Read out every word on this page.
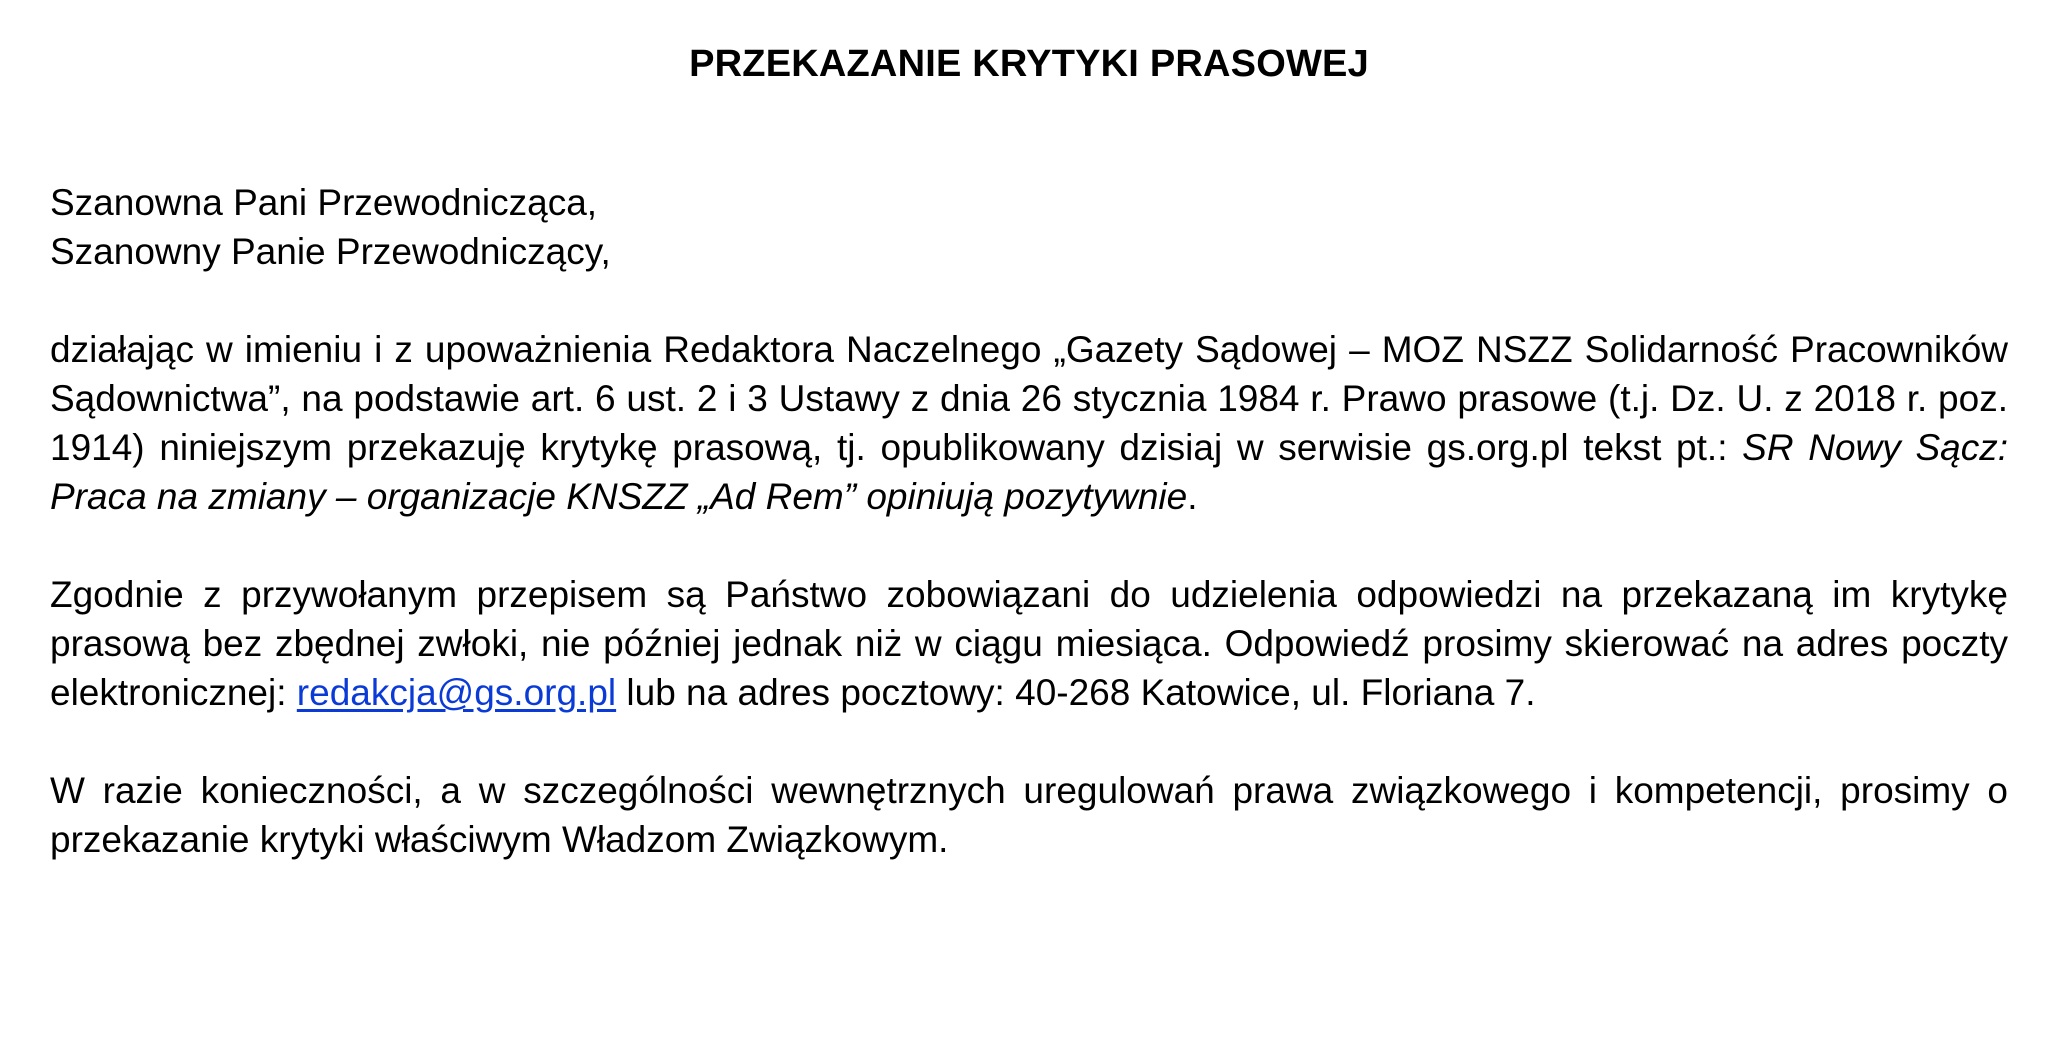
PRZEKAZANIE KRYTYKI PRASOWEJ
Szanowna Pani Przewodnicząca,
Szanowny Panie Przewodniczący,

działając w imieniu i z upoważnienia Redaktora Naczelnego „Gazety Sądowej – MOZ NSZZ Solidarność Pracowników Sądownictwa”, na podstawie art. 6 ust. 2 i 3 Ustawy z dnia 26 stycznia 1984 r. Prawo prasowe (t.j. Dz. U. z 2018 r. poz. 1914) niniejszym przekazuję krytykę prasową, tj. opublikowany dzisiaj w serwisie gs.org.pl tekst pt.: SR Nowy Sącz: Praca na zmiany – organizacje KNSZZ „Ad Rem” opiniują pozytywnie.

Zgodnie z przywołanym przepisem są Państwo zobowiązani do udzielenia odpowiedzi na przekazaną im krytykę prasową bez zbędnej zwłoki, nie później jednak niż w ciągu miesiąca. Odpowiedź prosimy skierować na adres poczty elektronicznej: redakcja@gs.org.pl lub na adres pocztowy: 40-268 Katowice, ul. Floriana 7.

W razie konieczności, a w szczególności wewnętrznych uregulowań prawa związkowego i kompetencji, prosimy o przekazanie krytyki właściwym Władzom Związkowym.
